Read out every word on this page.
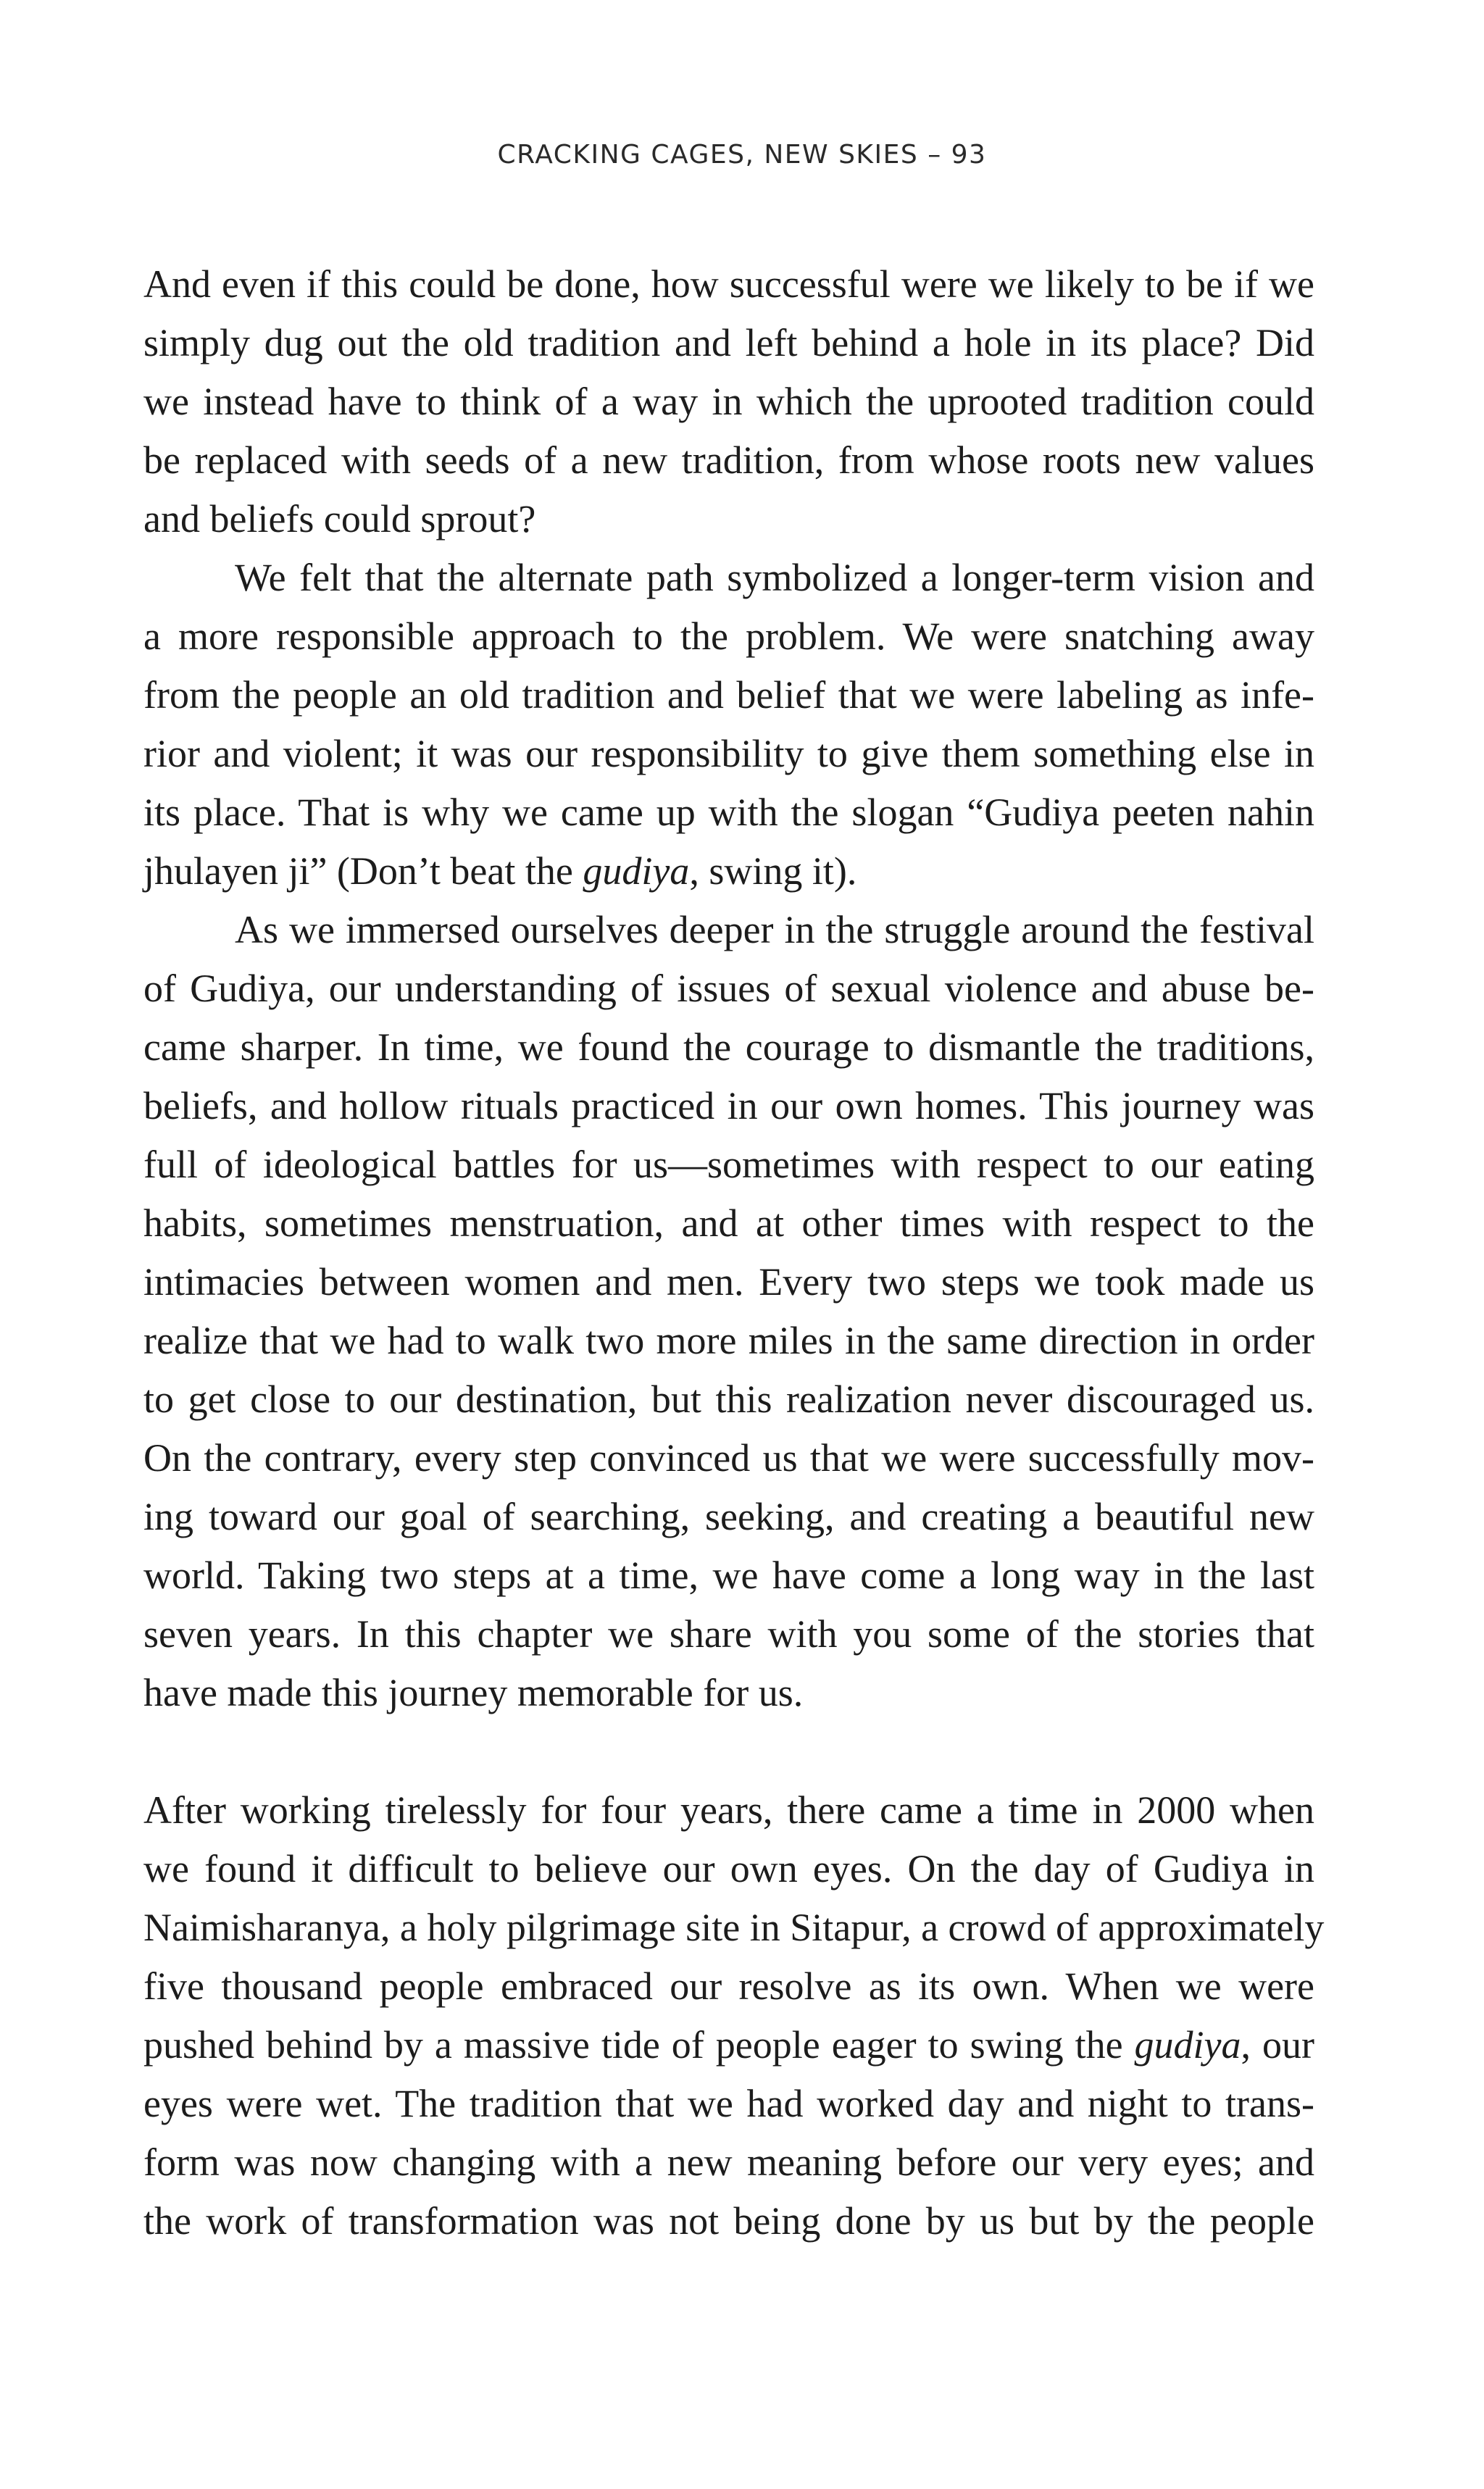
CRACKING CAGES, NEW SKIES – 93
And even if this could be done, how successful were we likely to be if we
simply dug out the old tradition and left behind a hole in its place? Did
we instead have to think of a way in which the uprooted tradition could
be replaced with seeds of a new tradition, from whose roots new values
and beliefs could sprout?
We felt that the alternate path symbolized a longer-term vision and
a more responsible approach to the problem. We were snatching away
from the people an old tradition and belief that we were labeling as infe-
rior and violent; it was our responsibility to give them something else in
its place. That is why we came up with the slogan “Gudiya peeten nahin
jhulayen ji” (Don’t beat the gudiya, swing it).
As we immersed ourselves deeper in the struggle around the festival
of Gudiya, our understanding of issues of sexual violence and abuse be-
came sharper. In time, we found the courage to dismantle the traditions,
beliefs, and hollow rituals practiced in our own homes. This journey was
full of ideological battles for us—sometimes with respect to our eating
habits, sometimes menstruation, and at other times with respect to the
intimacies between women and men. Every two steps we took made us
realize that we had to walk two more miles in the same direction in order
to get close to our destination, but this realization never discouraged us.
On the contrary, every step convinced us that we were successfully mov-
ing toward our goal of searching, seeking, and creating a beautiful new
world. Taking two steps at a time, we have come a long way in the last
seven years. In this chapter we share with you some of the stories that
have made this journey memorable for us.
After working tirelessly for four years, there came a time in 2000 when
we found it difficult to believe our own eyes. On the day of Gudiya in
Naimisharanya, a holy pilgrimage site in Sitapur, a crowd of approximately
five thousand people embraced our resolve as its own. When we were
pushed behind by a massive tide of people eager to swing the gudiya, our
eyes were wet. The tradition that we had worked day and night to trans-
form was now changing with a new meaning before our very eyes; and
the work of transformation was not being done by us but by the people
